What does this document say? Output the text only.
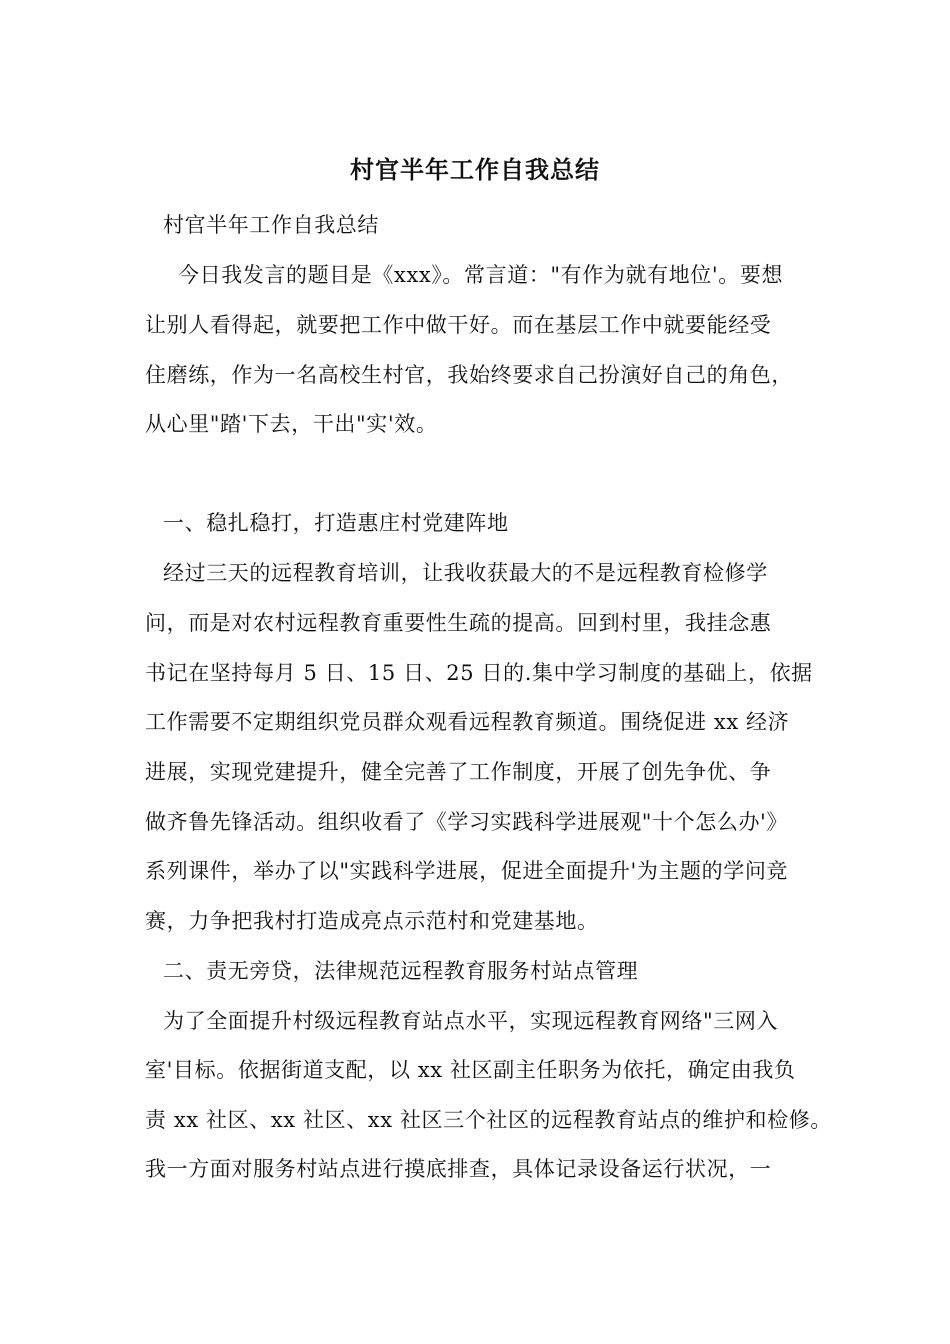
村官半年工作自我总结
村官半年工作自我总结
今日我发言的题目是《xxx》。常言道："有作为就有地位'。要想
让别人看得起，就要把工作中做干好。而在基层工作中就要能经受
住磨练，作为一名高校生村官，我始终要求自己扮演好自己的角色，
从心里"踏'下去，干出"实'效。
一、稳扎稳打，打造惠庄村党建阵地
经过三天的远程教育培训，让我收获最大的不是远程教育检修学
问，而是对农村远程教育重要性生疏的提高。回到村里，我挂念惠
书记在坚持每月 5 日、15 日、25 日的.集中学习制度的基础上，依据
工作需要不定期组织党员群众观看远程教育频道。围绕促进 xx 经济
进展，实现党建提升，健全完善了工作制度，开展了创先争优、争
做齐鲁先锋活动。组织收看了《学习实践科学进展观"十个怎么办'》
系列课件，举办了以"实践科学进展，促进全面提升'为主题的学问竞
赛，力争把我村打造成亮点示范村和党建基地。
二、责无旁贷，法律规范远程教育服务村站点管理
为了全面提升村级远程教育站点水平，实现远程教育网络"三网入
室'目标。依据街道支配，以 xx 社区副主任职务为依托，确定由我负
责 xx 社区、xx 社区、xx 社区三个社区的远程教育站点的维护和检修。
我一方面对服务村站点进行摸底排查，具体记录设备运行状况，一
